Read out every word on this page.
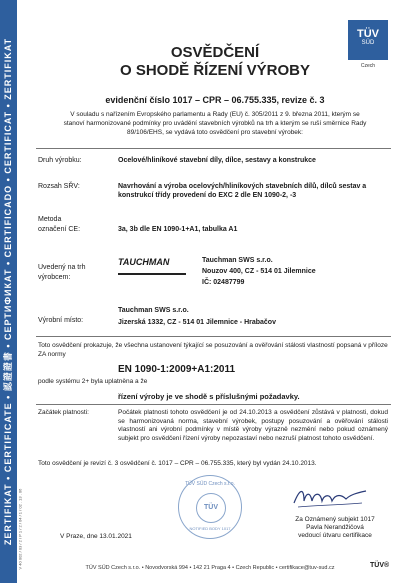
ZERTIFIKAT • CERTIFICATE • 認證證書 • СЕРТИФИКАТ • CERTIFICADO • CERTIFICAT • ZERTIFIKAT	V 40 002 / 03 / 2 / P 1 / 2 / 04 / 1 / 02 . 13 . 06
TÜV
SÜD
Czech
OSVĚDČENÍ
O SHODĚ ŘÍZENÍ VÝROBY
evidenční číslo 1017 – CPR – 06.755.335, revize č. 3
V souladu s nařízením Evropského parlamentu a Rady (EU) č. 305/2011 z 9. března 2011, kterým se stanoví harmonizované podmínky pro uvádění stavebních výrobků na trh a kterým se ruší směrnice Rady 89/106/EHS, se vydává toto osvědčení pro stavební výrobek:
Druh výrobku:	Ocelové/hliníkové stavební díly, dílce, sestavy a konstrukce
Rozsah SŘV:	Navrhování a výroba ocelových/hliníkových stavebních dílů, dílců sestav a konstrukcí třídy provedení do EXC 2 dle EN 1090-2, -3
Metoda
označení CE:	3a, 3b dle EN 1090-1+A1, tabulka A1
Uvedený na trh
výrobcem:
TAUCHMAN	Tauchman SWS s.r.o.
Nouzov 400, CZ - 514 01 Jilemnice
IČ: 02487799
Výrobní místo:
Tauchman SWS s.r.o.
Jizerská 1332, CZ - 514 01 Jilemnice - Hrabačov
Toto osvědčení prokazuje, že všechna ustanovení týkající se posuzování a ověřování stálosti vlastností popsaná v příloze ZA normy
EN 1090-1:2009+A1:2011
podle systému 2+ byla uplatněna a že
řízení výroby je ve shodě s příslušnými požadavky.
Začátek platnosti:	Počátek platnosti tohoto osvědčení je od 24.10.2013 a osvědčení zůstává v platnosti, dokud se harmonizovaná norma, stavební výrobek, postupy posuzování a ověřování stálosti vlastností ani výrobní podmínky v místě výroby výrazně nezmění nebo pokud oznámený subjekt pro osvědčení řízení výroby nepozastaví nebo nezruší platnost tohoto osvědčení.
Toto osvědčení je revizí č. 3 osvědčení č. 1017 – CPR – 06.755.335, který byl vydán 24.10.2013.
TÜV SÜD Czech s.r.o.
TÜV
NOTIFIED BODY 1017
V Praze, dne 13.01.2021
Za Oznámený subjekt 1017
Pavla Nerandžičová
vedoucí útvaru certifikace
TÜV SÜD Czech s.r.o. • Novodvorská 994 • 142 21 Praga 4 • Czech Republic • certifikace@tuv-sud.cz	TÜV®
